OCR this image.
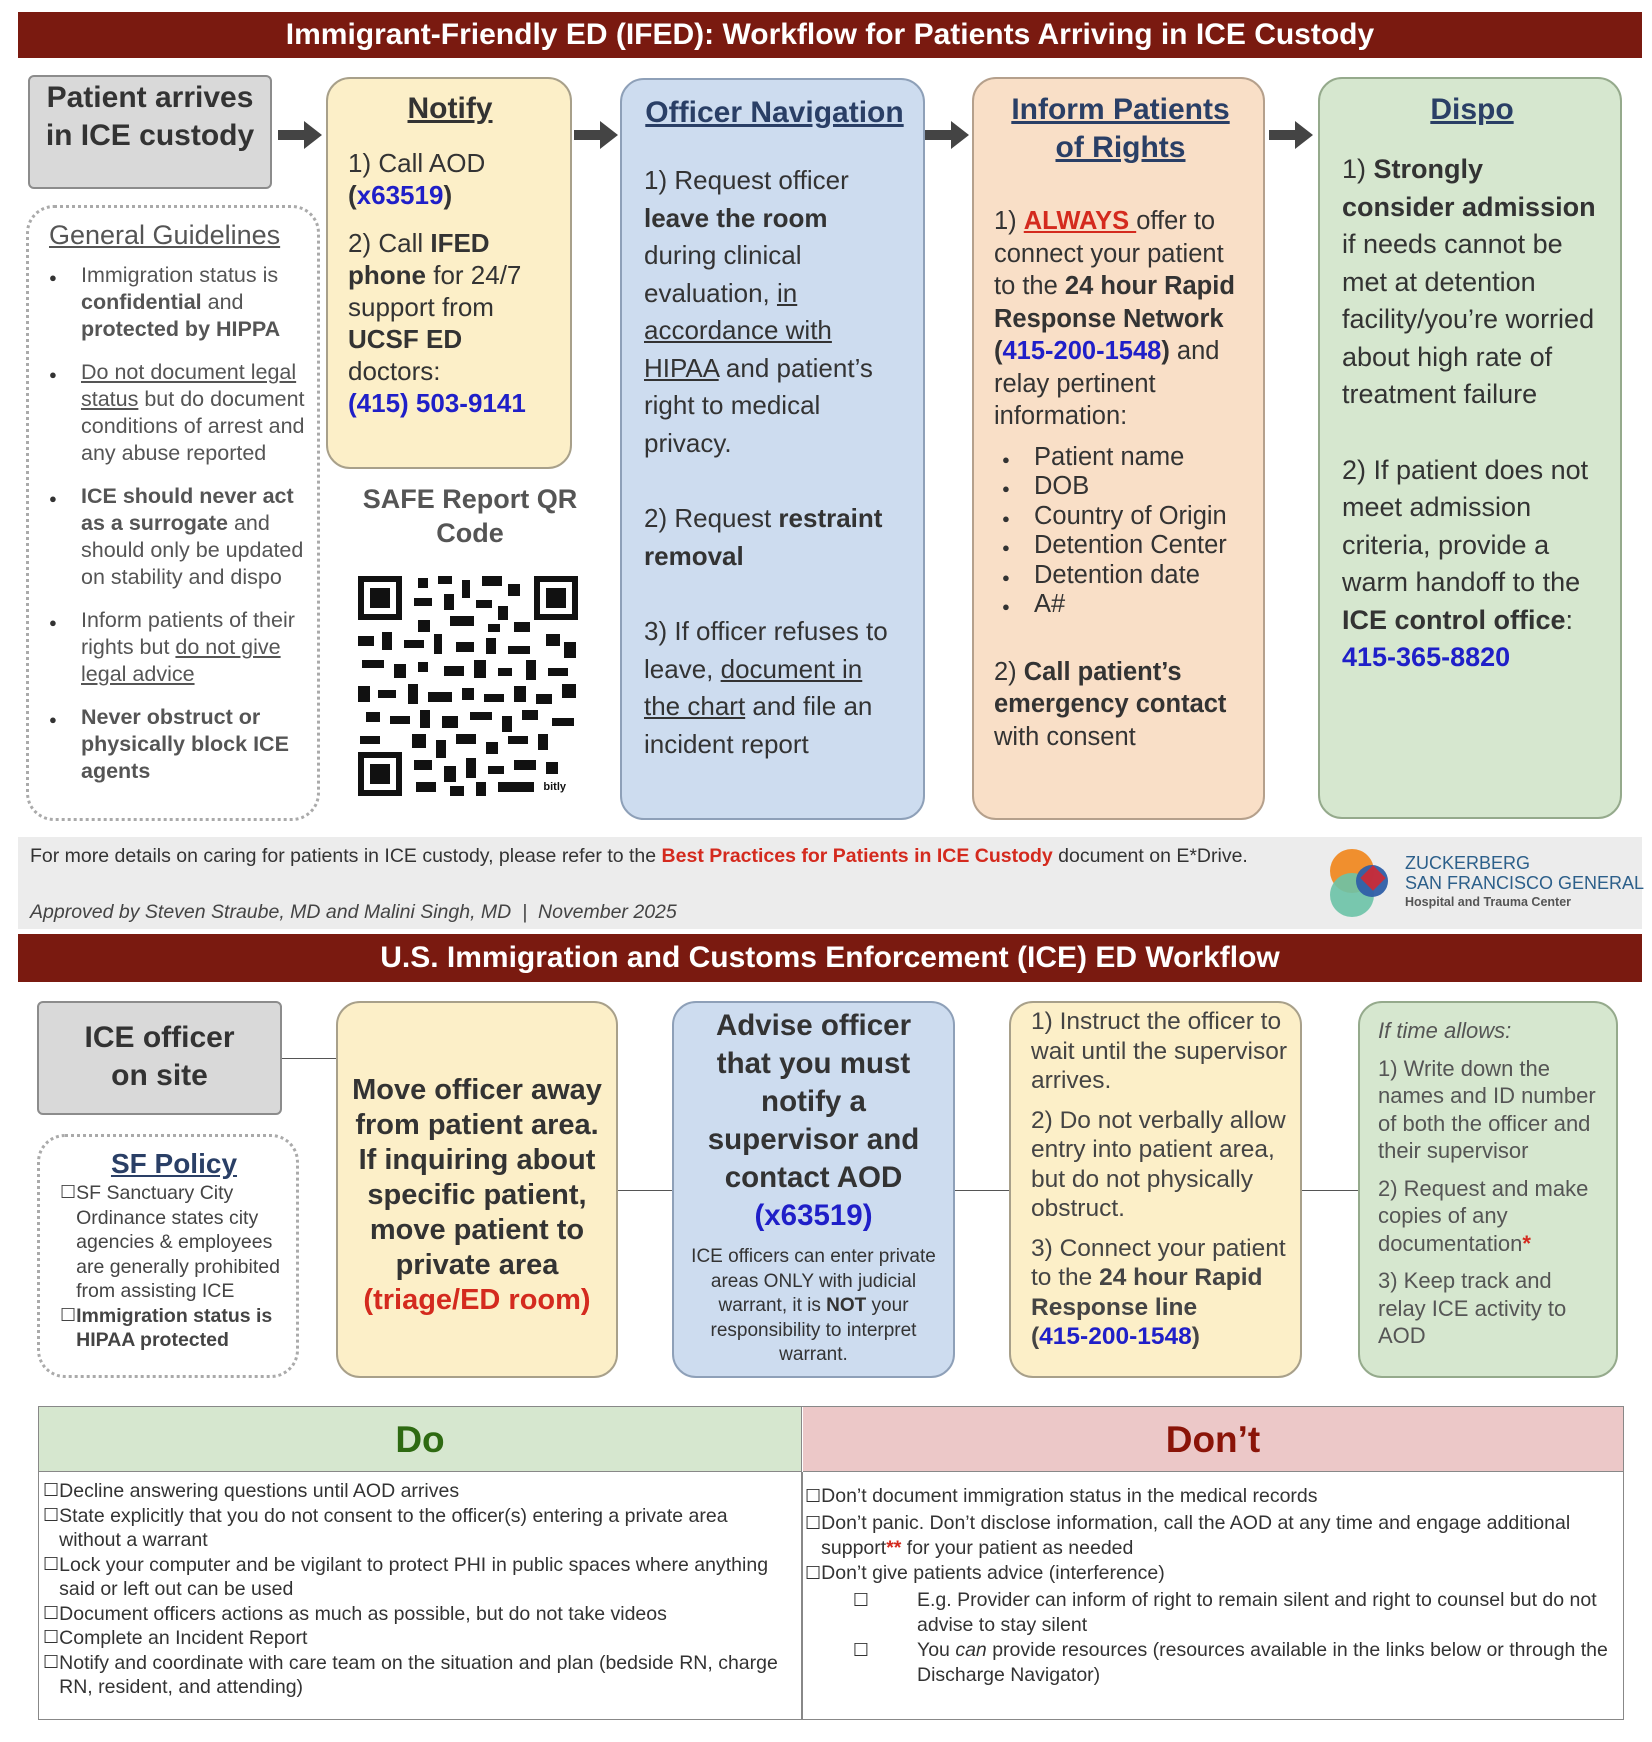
Immigrant-Friendly ED (IFED): Workflow for Patients Arriving in ICE Custody
Patient arrives in ICE custody
General Guidelines
● Immigration status is confidential and protected by HIPPA
● Do not document legal status but do document conditions of arrest and any abuse reported
● ICE should never act as a surrogate and should only be updated on stability and dispo
● Inform patients of their rights but do not give legal advice
● Never obstruct or physically block ICE agents
Notify

1) Call AOD
(x63519)

2) Call IFED phone for 24/7 support from UCSF ED doctors:
(415) 503-9141

SAFE Report QR Code
bitly
Officer Navigation

1) Request officer leave the room during clinical evaluation, in accordance with HIPAA and patient’s right to medical privacy.

2) Request restraint removal

3) If officer refuses to leave, document in the chart and file an incident report

Inform Patients of Rights

1) ALWAYS offer to connect your patient to the 24 hour Rapid Response Network
(415-200-1548) and relay pertinent information:

● Patient name
● DOB
● Country of Origin
● Detention Center
● Detention date
● A#

2) Call patient’s emergency contact with consent

Dispo

1) Strongly consider admission if needs cannot be met at detention facility/you’re worried about high rate of treatment failure

2) If patient does not meet admission criteria, provide a warm handoff to the ICE control office:
415-365-8820

For more details on caring for patients in ICE custody, please refer to the Best Practices for Patients in ICE Custody document on E*Drive.
Approved by Steven Straube, MD and Malini Singh, MD  |  November 2025
ZUCKERBERG
SAN FRANCISCO GENERAL
Hospital and Trauma Center
U.S. Immigration and Customs Enforcement (ICE) ED Workflow
ICE officer on site
SF Policy
☐ SF Sanctuary City Ordinance states city agencies & employees are generally prohibited from assisting ICE
☐ Immigration status is HIPAA protected
Move officer away from patient area. If inquiring about specific patient, move patient to private area
(triage/ED room)
Advise officer that you must notify a supervisor and contact AOD
(x63519)
ICE officers can enter private areas ONLY with judicial warrant, it is NOT your responsibility to interpret warrant.

1) Instruct the officer to wait until the supervisor arrives.

2) Do not verbally allow entry into patient area, but do not physically obstruct.

3) Connect your patient to the 24 hour Rapid Response line
(415-200-1548)

If time allows:

1) Write down the names and ID number of both the officer and their supervisor

2) Request and make copies of any documentation*

3) Keep track and relay ICE activity to AOD

Do	Don’t
☐ Decline answering questions until AOD arrives
☐ State explicitly that you do not consent to the officer(s) entering a private area without a warrant
☐ Lock your computer and be vigilant to protect PHI in public spaces where anything said or left out can be used
☐ Document officers actions as much as possible, but do not take videos
☐ Complete an Incident Report
☐ Notify and coordinate with care team on the situation and plan (bedside RN, charge RN, resident, and attending)
☐ Don’t document immigration status in the medical records
☐ Don’t panic. Don’t disclose information, call the AOD at any time and engage additional support** for your patient as needed
☐ Don’t give patients advice (interference)
☐	E.g. Provider can inform of right to remain silent and right to counsel but do not advise to stay silent
☐	You can provide resources (resources available in the links below or through the Discharge Navigator)
